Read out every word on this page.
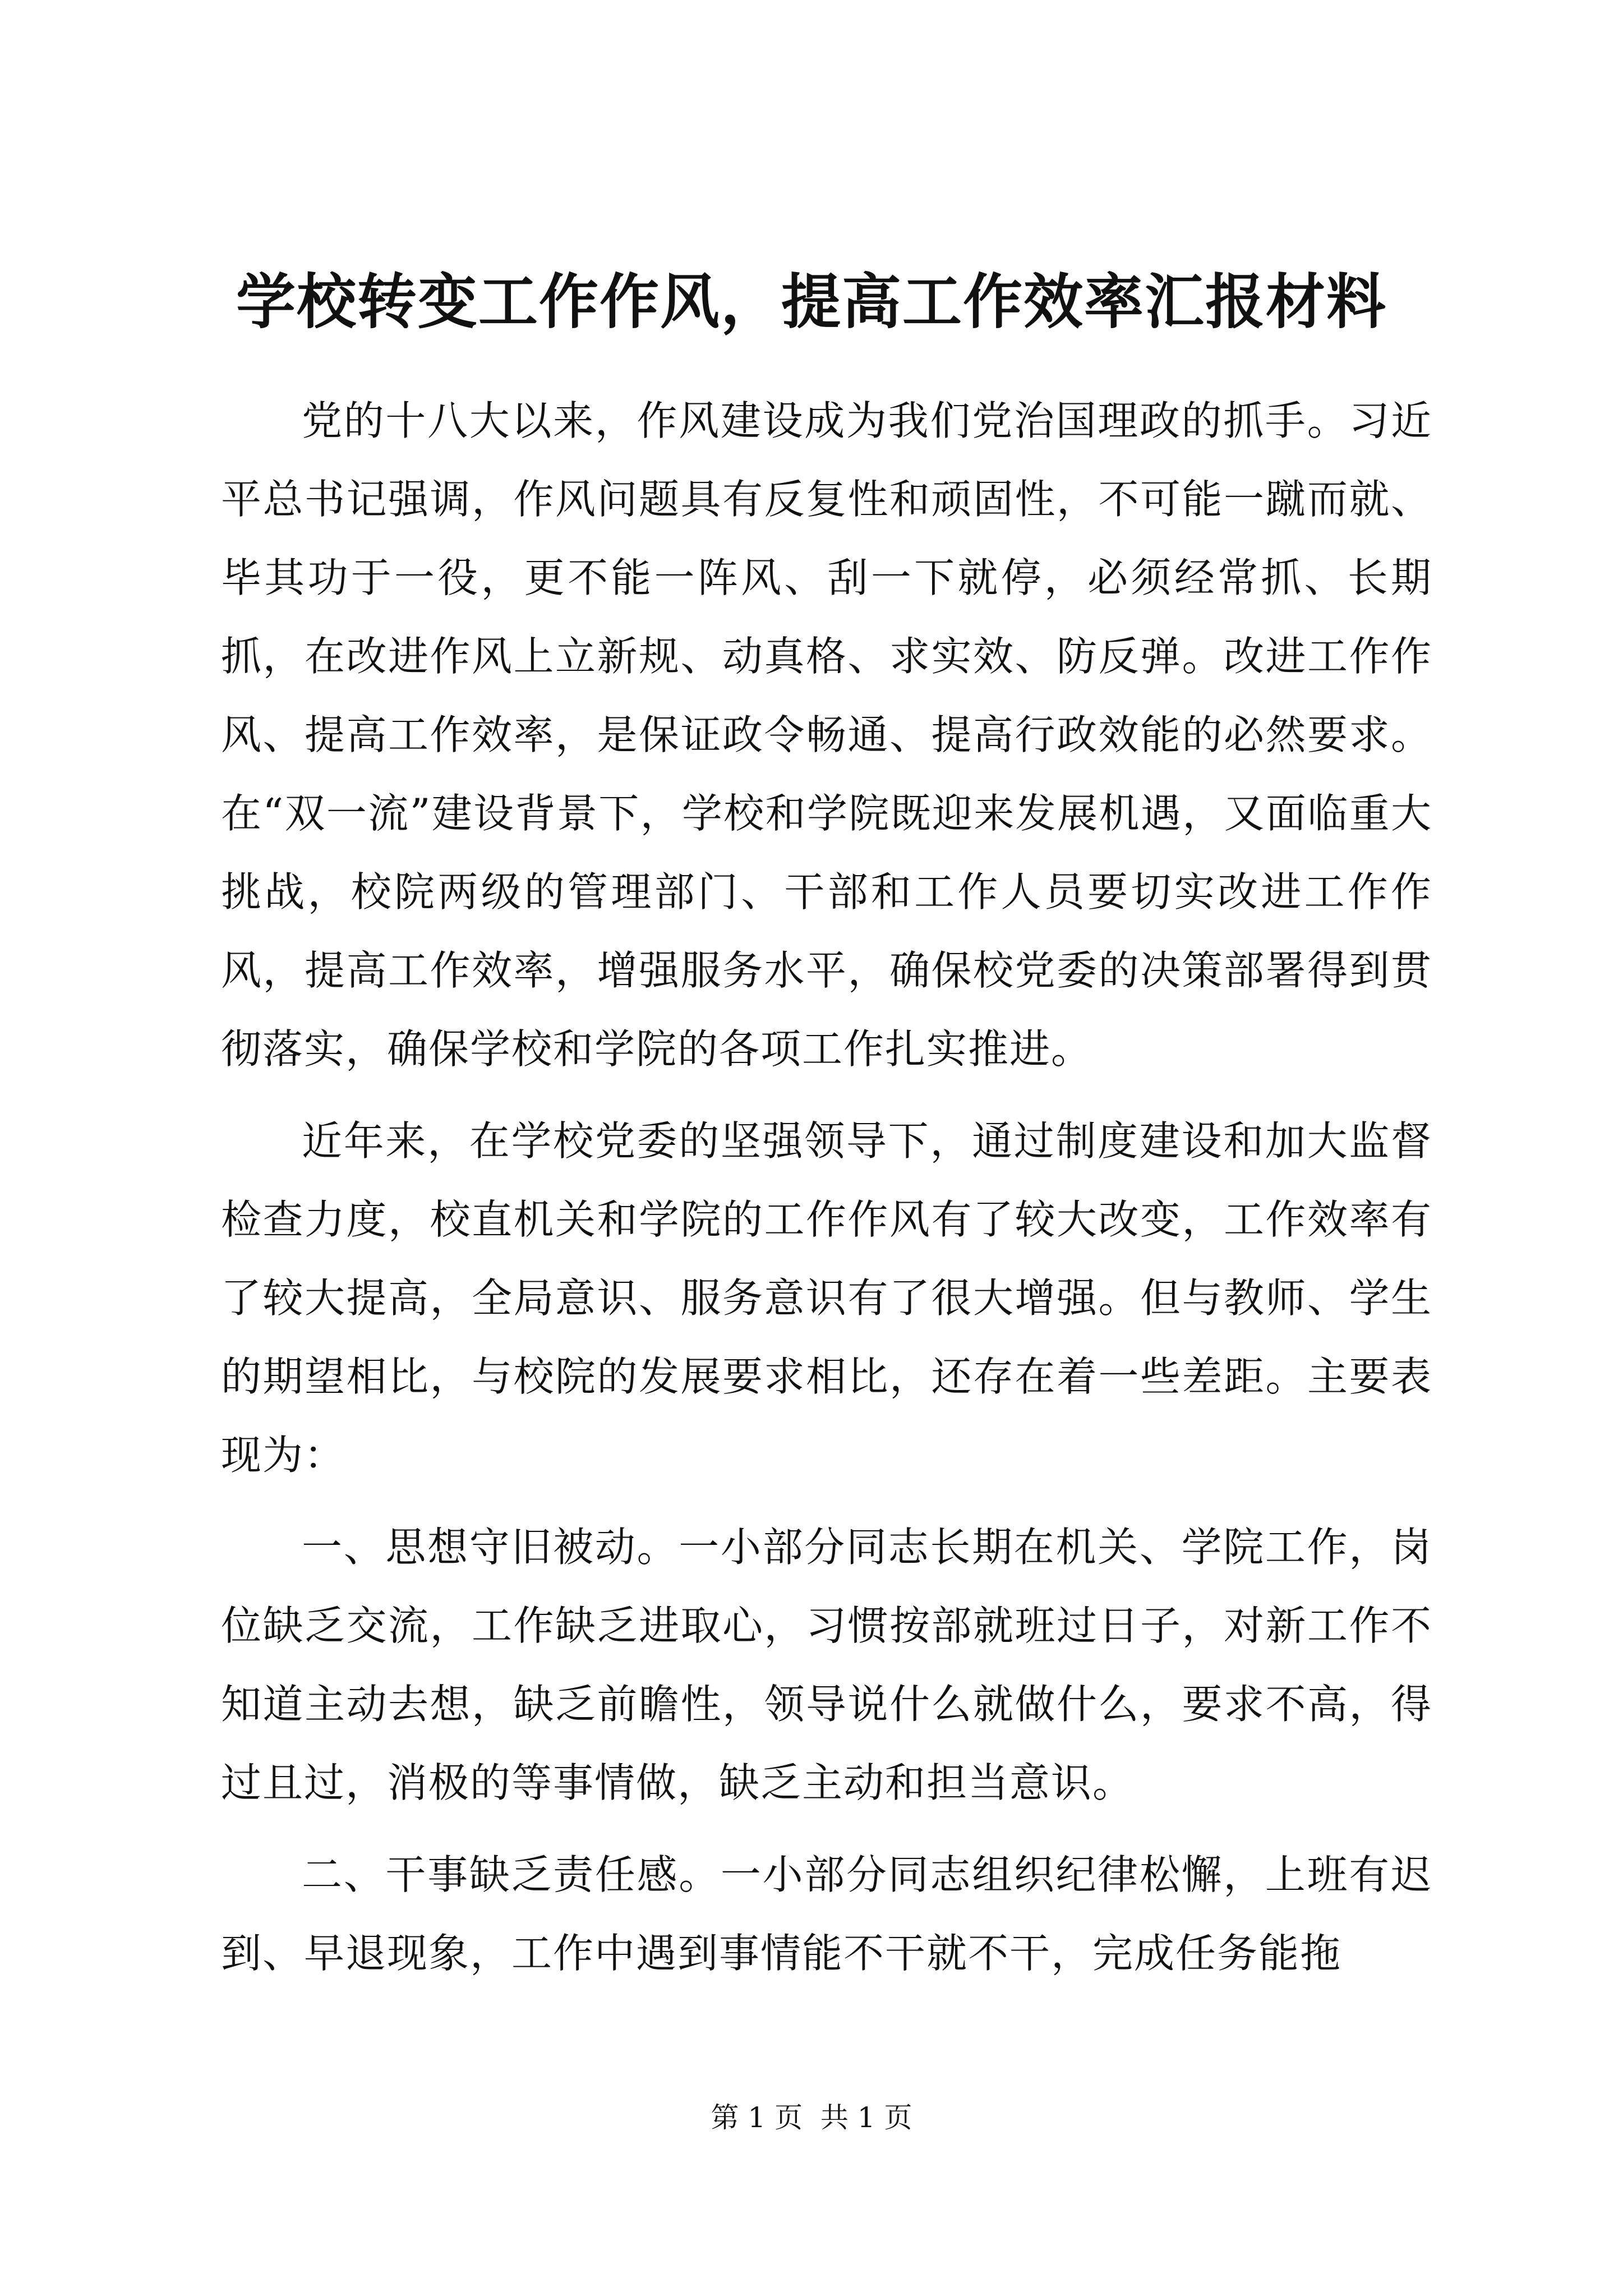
学校转变工作作风，提高工作效率汇报材料

党的十八大以来，作风建设成为我们党治国理政的抓手。习近平总书记强调，作风问题具有反复性和顽固性，不可能一蹴而就、毕其功于一役，更不能一阵风、刮一下就停，必须经常抓、长期抓，在改进作风上立新规、动真格、求实效、防反弹。改进工作作风、提高工作效率，是保证政令畅通、提高行政效能的必然要求。在“双一流”建设背景下，学校和学院既迎来发展机遇，又面临重大挑战，校院两级的管理部门、干部和工作人员要切实改进工作作风，提高工作效率，增强服务水平，确保校党委的决策部署得到贯彻落实，确保学校和学院的各项工作扎实推进。

近年来，在学校党委的坚强领导下，通过制度建设和加大监督检查力度，校直机关和学院的工作作风有了较大改变，工作效率有了较大提高，全局意识、服务意识有了很大增强。但与教师、学生的期望相比，与校院的发展要求相比，还存在着一些差距。主要表现为：

一、思想守旧被动。一小部分同志长期在机关、学院工作，岗位缺乏交流，工作缺乏进取心，习惯按部就班过日子，对新工作不知道主动去想，缺乏前瞻性，领导说什么就做什么，要求不高，得过且过，消极的等事情做，缺乏主动和担当意识。

二、干事缺乏责任感。一小部分同志组织纪律松懈，上班有迟到、早退现象，工作中遇到事情能不干就不干，完成任务能拖

第 1 页  共 1 页
